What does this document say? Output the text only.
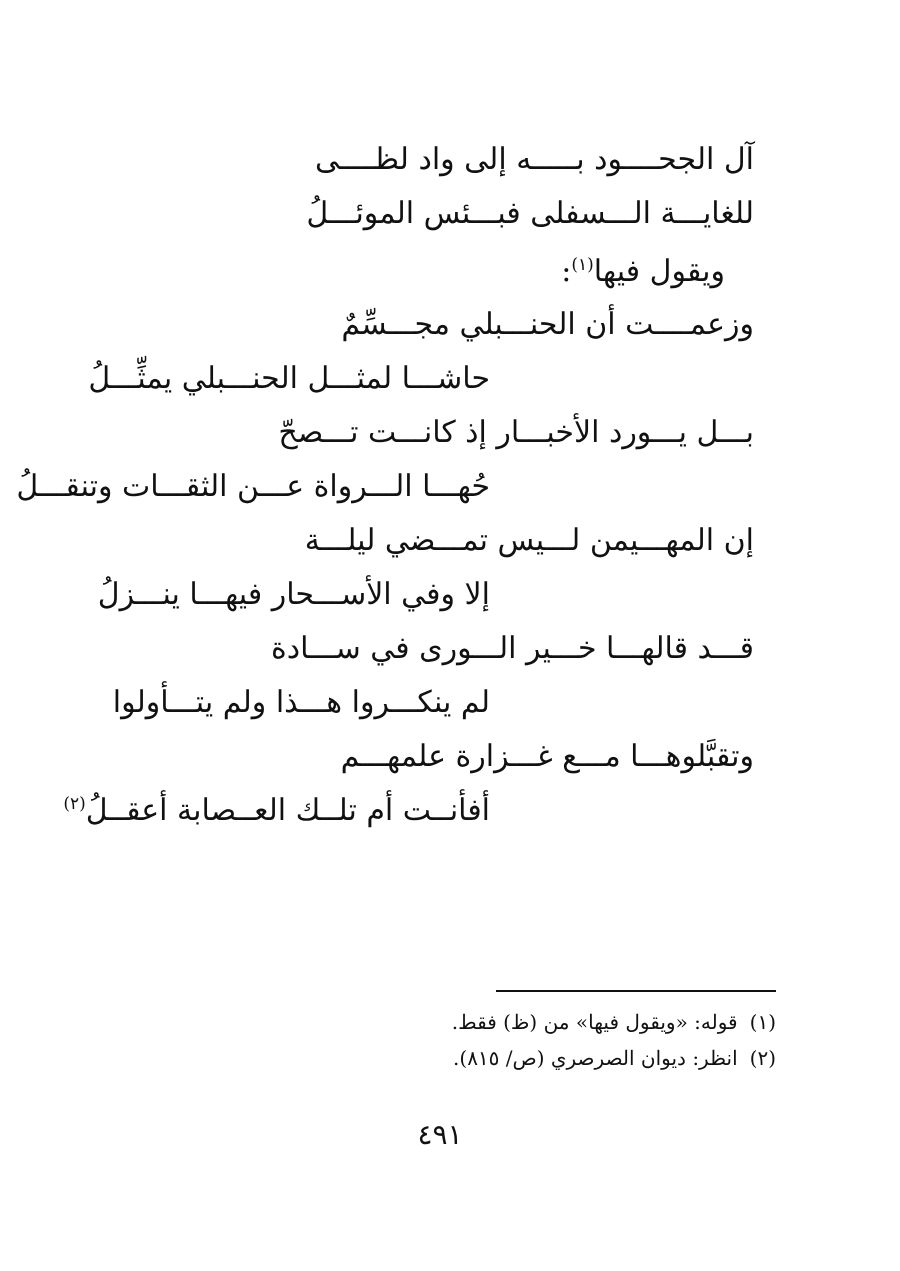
آل الجحــــود بـــــه إلى واد لظــــى
للغايـــة الـــسفلى فبـــئس الموئـــلُ
ويقول فيها$^{(١)}$:
وزعمــــت أن الحنـــبلي مجـــسِّمٌ
حاشـــا لمثـــل الحنـــبلي يمثِّـــلُ
بـــل يـــورد الأخبـــار إذ كانـــت تـــصحّ
حُهـــا الـــرواة عـــن الثقـــات وتنقـــلُ
إن المهـــيمن لـــيس تمـــضي ليلـــة
إلا وفي الأســـحار فيهـــا ينـــزلُ
قـــد قالهـــا خـــير الـــورى في ســـادة
لم ينكـــروا هـــذا ولم يتـــأولوا
وتقبَّلوهـــا مـــع غـــزارة علمهـــم
أفأنــت أم تلــك العــصابة أعقــلُ$^{(٢)}$
(١)قوله: «ويقول فيها» من (ظ) فقط.
(٢)انظر: ديوان الصرصري (ص/ ٨١٥).
٤٩١
